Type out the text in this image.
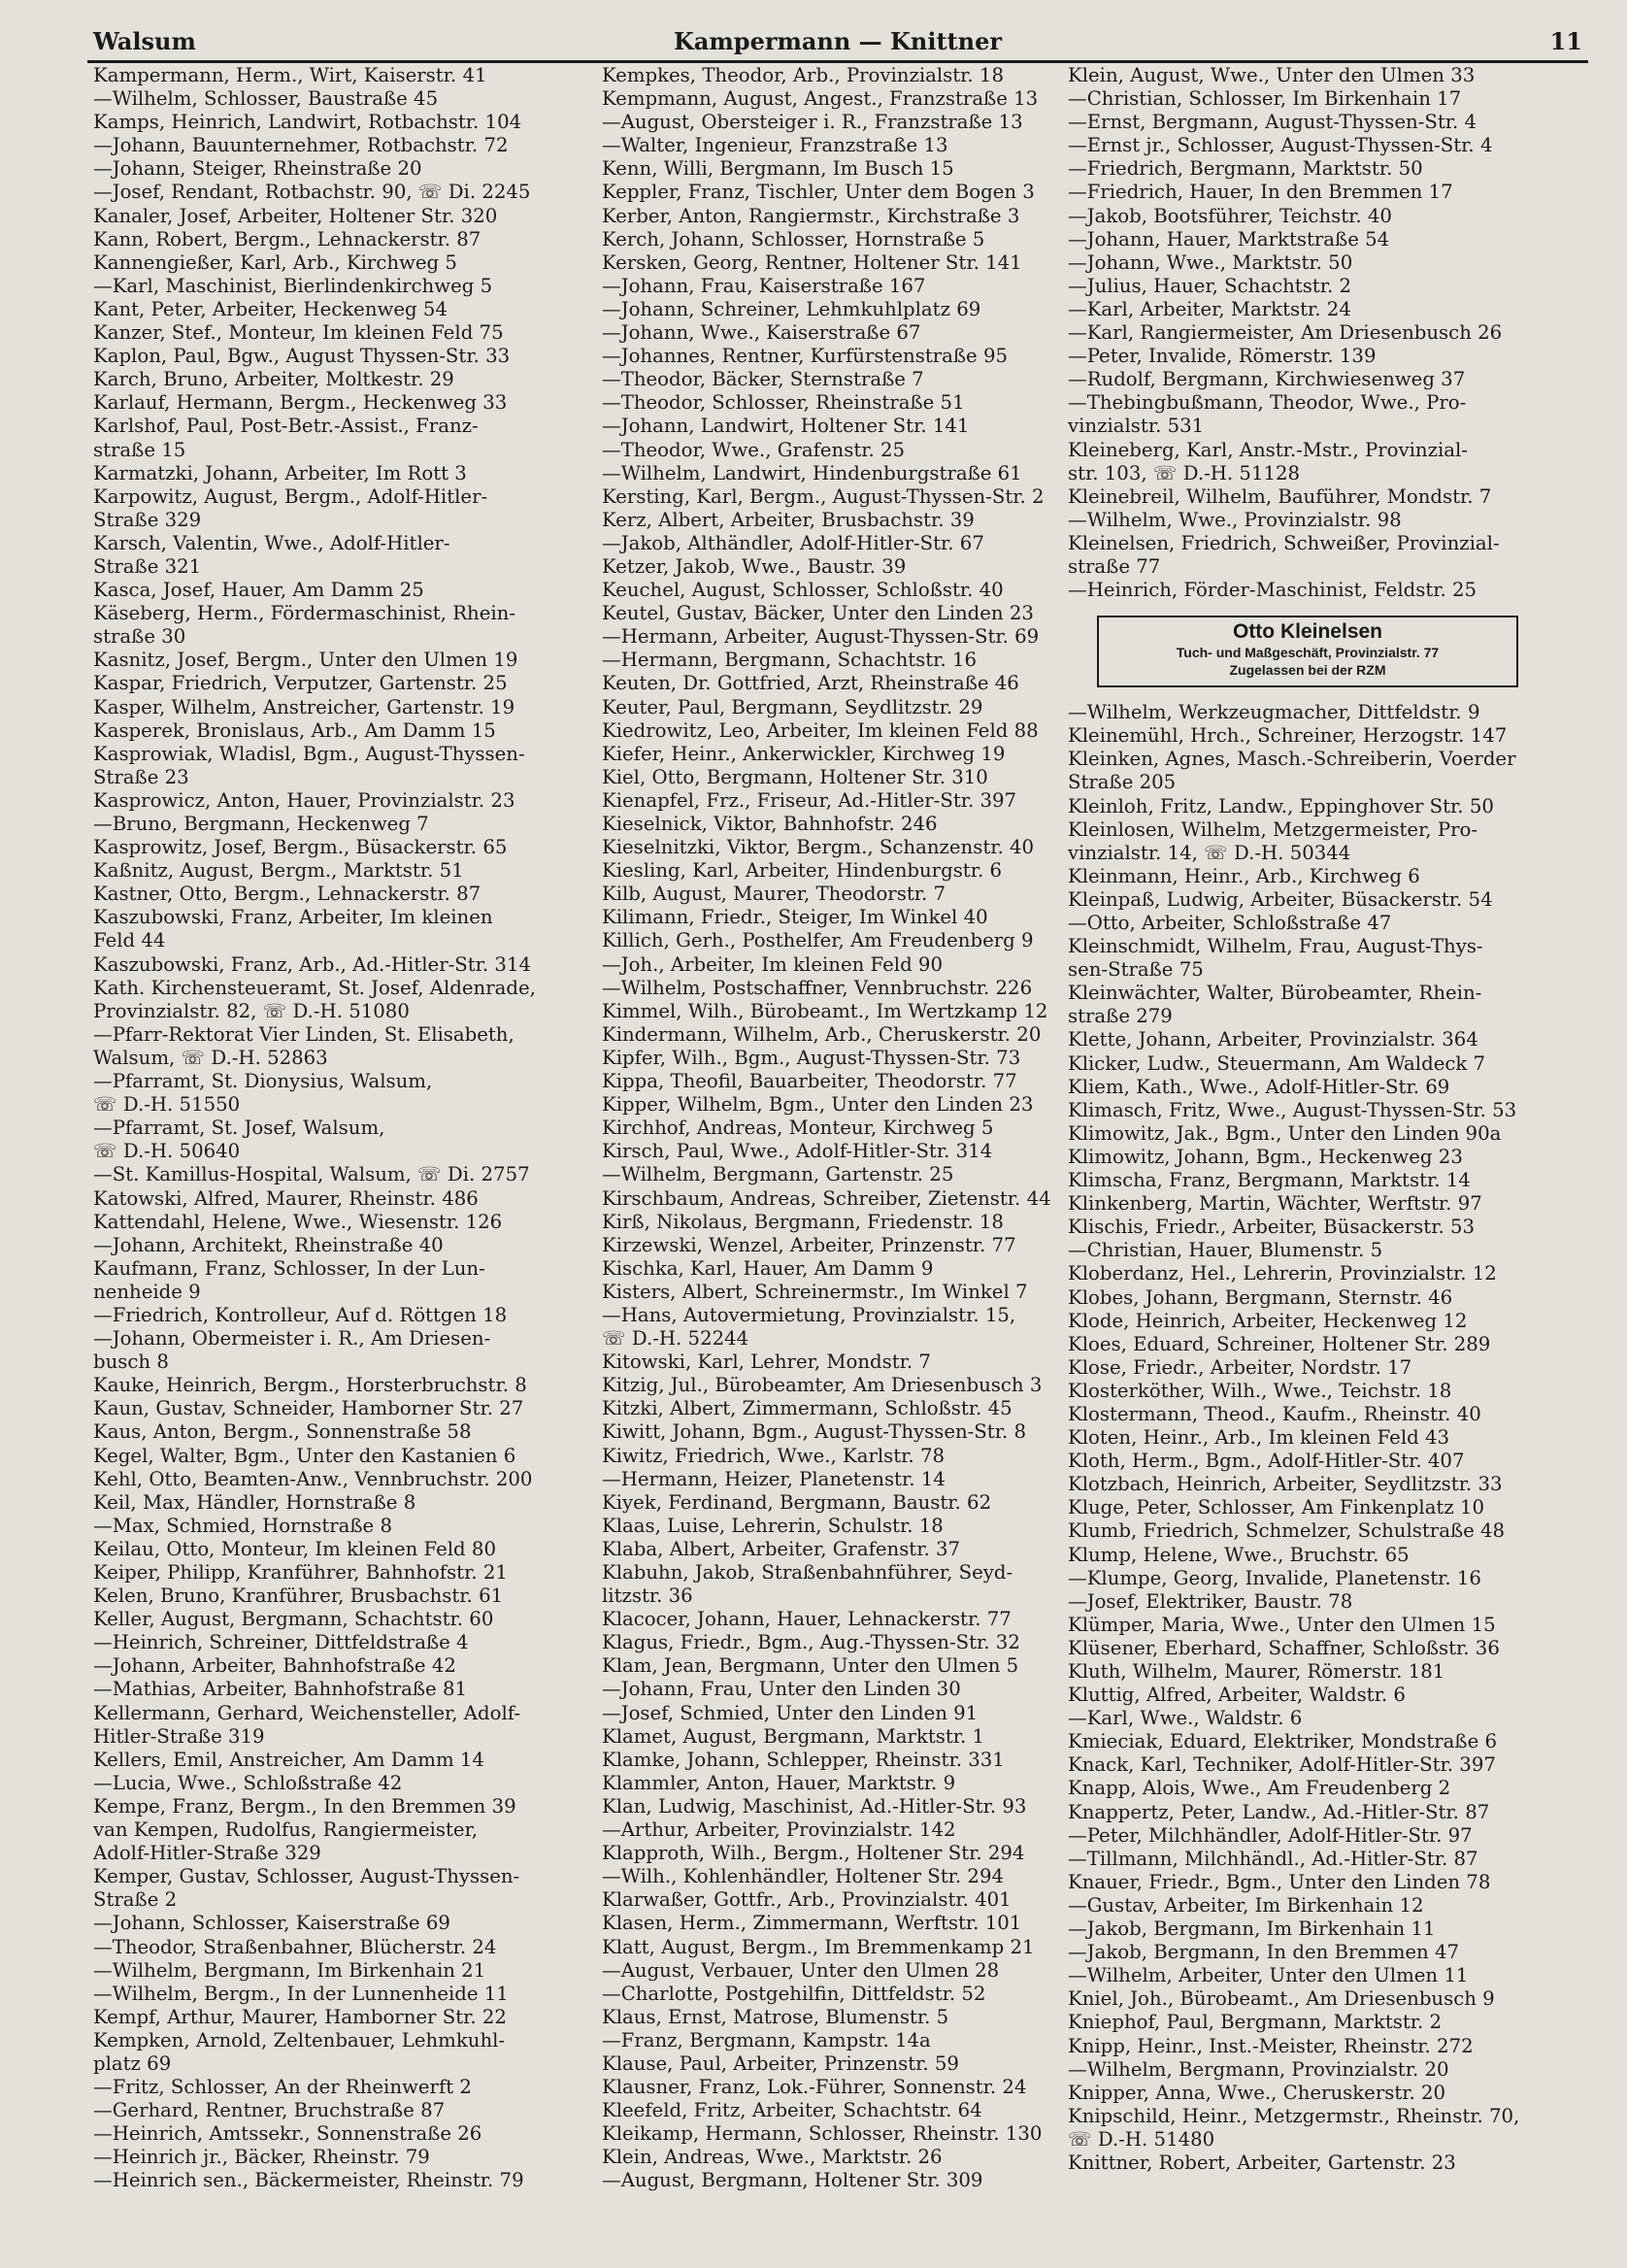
Walsum	Kampermann — Knittner	11
Kampermann, Herm., Wirt, Kaiserstr. 41
—Wilhelm, Schlosser, Baustraße 45
Kamps, Heinrich, Landwirt, Rotbachstr. 104
—Johann, Bauunternehmer, Rotbachstr. 72
—Johann, Steiger, Rheinstraße 20
—Josef, Rendant, Rotbachstr. 90, ☏ Di. 2245
Kanaler, Josef, Arbeiter, Holtener Str. 320
Kann, Robert, Bergm., Lehnackerstr. 87
Kannengießer, Karl, Arb., Kirchweg 5
—Karl, Maschinist, Bierlindenkirchweg 5
Kant, Peter, Arbeiter, Heckenweg 54
Kanzer, Stef., Monteur, Im kleinen Feld 75
Kaplon, Paul, Bgw., August Thyssen-Str. 33
Karch, Bruno, Arbeiter, Moltkestr. 29
Karlauf, Hermann, Bergm., Heckenweg 33
Karlshof, Paul, Post-Betr.-Assist., Franz-
straße 15
Karmatzki, Johann, Arbeiter, Im Rott 3
Karpowitz, August, Bergm., Adolf-Hitler-
Straße 329
Karsch, Valentin, Wwe., Adolf-Hitler-
Straße 321
Kasca, Josef, Hauer, Am Damm 25
Käseberg, Herm., Fördermaschinist, Rhein-
straße 30
Kasnitz, Josef, Bergm., Unter den Ulmen 19
Kaspar, Friedrich, Verputzer, Gartenstr. 25
Kasper, Wilhelm, Anstreicher, Gartenstr. 19
Kasperek, Bronislaus, Arb., Am Damm 15
Kasprowiak, Wladisl, Bgm., August-Thyssen-
Straße 23
Kasprowicz, Anton, Hauer, Provinzialstr. 23
—Bruno, Bergmann, Heckenweg 7
Kasprowitz, Josef, Bergm., Büsackerstr. 65
Kaßnitz, August, Bergm., Marktstr. 51
Kastner, Otto, Bergm., Lehnackerstr. 87
Kaszubowski, Franz, Arbeiter, Im kleinen
Feld 44
Kaszubowski, Franz, Arb., Ad.-Hitler-Str. 314
Kath. Kirchensteueramt, St. Josef, Aldenrade,
Provinzialstr. 82, ☏ D.-H. 51080
—Pfarr-Rektorat Vier Linden, St. Elisabeth,
Walsum, ☏ D.-H. 52863
—Pfarramt, St. Dionysius, Walsum,
☏ D.-H. 51550
—Pfarramt, St. Josef, Walsum,
☏ D.-H. 50640
—St. Kamillus-Hospital, Walsum, ☏ Di. 2757
Katowski, Alfred, Maurer, Rheinstr. 486
Kattendahl, Helene, Wwe., Wiesenstr. 126
—Johann, Architekt, Rheinstraße 40
Kaufmann, Franz, Schlosser, In der Lun-
nenheide 9
—Friedrich, Kontrolleur, Auf d. Röttgen 18
—Johann, Obermeister i. R., Am Driesen-
busch 8
Kauke, Heinrich, Bergm., Horsterbruchstr. 8
Kaun, Gustav, Schneider, Hamborner Str. 27
Kaus, Anton, Bergm., Sonnenstraße 58
Kegel, Walter, Bgm., Unter den Kastanien 6
Kehl, Otto, Beamten-Anw., Vennbruchstr. 200
Keil, Max, Händler, Hornstraße 8
—Max, Schmied, Hornstraße 8
Keilau, Otto, Monteur, Im kleinen Feld 80
Keiper, Philipp, Kranführer, Bahnhofstr. 21
Kelen, Bruno, Kranführer, Brusbachstr. 61
Keller, August, Bergmann, Schachtstr. 60
—Heinrich, Schreiner, Dittfeldstraße 4
—Johann, Arbeiter, Bahnhofstraße 42
—Mathias, Arbeiter, Bahnhofstraße 81
Kellermann, Gerhard, Weichensteller, Adolf-
Hitler-Straße 319
Kellers, Emil, Anstreicher, Am Damm 14
—Lucia, Wwe., Schloßstraße 42
Kempe, Franz, Bergm., In den Bremmen 39
van Kempen, Rudolfus, Rangiermeister,
Adolf-Hitler-Straße 329
Kemper, Gustav, Schlosser, August-Thyssen-
Straße 2
—Johann, Schlosser, Kaiserstraße 69
—Theodor, Straßenbahner, Blücherstr. 24
—Wilhelm, Bergmann, Im Birkenhain 21
—Wilhelm, Bergm., In der Lunnenheide 11
Kempf, Arthur, Maurer, Hamborner Str. 22
Kempken, Arnold, Zeltenbauer, Lehmkuhl-
platz 69
—Fritz, Schlosser, An der Rheinwerft 2
—Gerhard, Rentner, Bruchstraße 87
—Heinrich, Amtssekr., Sonnenstraße 26
—Heinrich jr., Bäcker, Rheinstr. 79
—Heinrich sen., Bäckermeister, Rheinstr. 79
Kempkes, Theodor, Arb., Provinzialstr. 18
Kempmann, August, Angest., Franzstraße 13
—August, Obersteiger i. R., Franzstraße 13
—Walter, Ingenieur, Franzstraße 13
Kenn, Willi, Bergmann, Im Busch 15
Keppler, Franz, Tischler, Unter dem Bogen 3
Kerber, Anton, Rangiermstr., Kirchstraße 3
Kerch, Johann, Schlosser, Hornstraße 5
Kersken, Georg, Rentner, Holtener Str. 141
—Johann, Frau, Kaiserstraße 167
—Johann, Schreiner, Lehmkuhlplatz 69
—Johann, Wwe., Kaiserstraße 67
—Johannes, Rentner, Kurfürstenstraße 95
—Theodor, Bäcker, Sternstraße 7
—Theodor, Schlosser, Rheinstraße 51
—Johann, Landwirt, Holtener Str. 141
—Theodor, Wwe., Grafenstr. 25
—Wilhelm, Landwirt, Hindenburgstraße 61
Kersting, Karl, Bergm., August-Thyssen-Str. 2
Kerz, Albert, Arbeiter, Brusbachstr. 39
—Jakob, Althändler, Adolf-Hitler-Str. 67
Ketzer, Jakob, Wwe., Baustr. 39
Keuchel, August, Schlosser, Schloßstr. 40
Keutel, Gustav, Bäcker, Unter den Linden 23
—Hermann, Arbeiter, August-Thyssen-Str. 69
—Hermann, Bergmann, Schachtstr. 16
Keuten, Dr. Gottfried, Arzt, Rheinstraße 46
Keuter, Paul, Bergmann, Seydlitzstr. 29
Kiedrowitz, Leo, Arbeiter, Im kleinen Feld 88
Kiefer, Heinr., Ankerwickler, Kirchweg 19
Kiel, Otto, Bergmann, Holtener Str. 310
Kienapfel, Frz., Friseur, Ad.-Hitler-Str. 397
Kieselnick, Viktor, Bahnhofstr. 246
Kieselnitzki, Viktor, Bergm., Schanzenstr. 40
Kiesling, Karl, Arbeiter, Hindenburgstr. 6
Kilb, August, Maurer, Theodorstr. 7
Kilimann, Friedr., Steiger, Im Winkel 40
Killich, Gerh., Posthelfer, Am Freudenberg 9
—Joh., Arbeiter, Im kleinen Feld 90
—Wilhelm, Postschaffner, Vennbruchstr. 226
Kimmel, Wilh., Bürobeamt., Im Wertzkamp 12
Kindermann, Wilhelm, Arb., Cheruskerstr. 20
Kipfer, Wilh., Bgm., August-Thyssen-Str. 73
Kippa, Theofil, Bauarbeiter, Theodorstr. 77
Kipper, Wilhelm, Bgm., Unter den Linden 23
Kirchhof, Andreas, Monteur, Kirchweg 5
Kirsch, Paul, Wwe., Adolf-Hitler-Str. 314
—Wilhelm, Bergmann, Gartenstr. 25
Kirschbaum, Andreas, Schreiber, Zietenstr. 44
Kirß, Nikolaus, Bergmann, Friedenstr. 18
Kirzewski, Wenzel, Arbeiter, Prinzenstr. 77
Kischka, Karl, Hauer, Am Damm 9
Kisters, Albert, Schreinermstr., Im Winkel 7
—Hans, Autovermietung, Provinzialstr. 15,
☏ D.-H. 52244
Kitowski, Karl, Lehrer, Mondstr. 7
Kitzig, Jul., Bürobeamter, Am Driesenbusch 3
Kitzki, Albert, Zimmermann, Schloßstr. 45
Kiwitt, Johann, Bgm., August-Thyssen-Str. 8
Kiwitz, Friedrich, Wwe., Karlstr. 78
—Hermann, Heizer, Planetenstr. 14
Kiyek, Ferdinand, Bergmann, Baustr. 62
Klaas, Luise, Lehrerin, Schulstr. 18
Klaba, Albert, Arbeiter, Grafenstr. 37
Klabuhn, Jakob, Straßenbahnführer, Seyd-
litzstr. 36
Klacocer, Johann, Hauer, Lehnackerstr. 77
Klagus, Friedr., Bgm., Aug.-Thyssen-Str. 32
Klam, Jean, Bergmann, Unter den Ulmen 5
—Johann, Frau, Unter den Linden 30
—Josef, Schmied, Unter den Linden 91
Klamet, August, Bergmann, Marktstr. 1
Klamke, Johann, Schlepper, Rheinstr. 331
Klammler, Anton, Hauer, Marktstr. 9
Klan, Ludwig, Maschinist, Ad.-Hitler-Str. 93
—Arthur, Arbeiter, Provinzialstr. 142
Klapproth, Wilh., Bergm., Holtener Str. 294
—Wilh., Kohlenhändler, Holtener Str. 294
Klarwaßer, Gottfr., Arb., Provinzialstr. 401
Klasen, Herm., Zimmermann, Werftstr. 101
Klatt, August, Bergm., Im Bremmenkamp 21
—August, Verbauer, Unter den Ulmen 28
—Charlotte, Postgehilfin, Dittfeldstr. 52
Klaus, Ernst, Matrose, Blumenstr. 5
—Franz, Bergmann, Kampstr. 14a
Klause, Paul, Arbeiter, Prinzenstr. 59
Klausner, Franz, Lok.-Führer, Sonnenstr. 24
Kleefeld, Fritz, Arbeiter, Schachtstr. 64
Kleikamp, Hermann, Schlosser, Rheinstr. 130
Klein, Andreas, Wwe., Marktstr. 26
—August, Bergmann, Holtener Str. 309
Klein, August, Wwe., Unter den Ulmen 33
—Christian, Schlosser, Im Birkenhain 17
—Ernst, Bergmann, August-Thyssen-Str. 4
—Ernst jr., Schlosser, August-Thyssen-Str. 4
—Friedrich, Bergmann, Marktstr. 50
—Friedrich, Hauer, In den Bremmen 17
—Jakob, Bootsführer, Teichstr. 40
—Johann, Hauer, Marktstraße 54
—Johann, Wwe., Marktstr. 50
—Julius, Hauer, Schachtstr. 2
—Karl, Arbeiter, Marktstr. 24
—Karl, Rangiermeister, Am Driesenbusch 26
—Peter, Invalide, Römerstr. 139
—Rudolf, Bergmann, Kirchwiesenweg 37
—Thebingbußmann, Theodor, Wwe., Pro-
vinzialstr. 531
Kleineberg, Karl, Anstr.-Mstr., Provinzial-
str. 103, ☏ D.-H. 51128
Kleinebreil, Wilhelm, Bauführer, Mondstr. 7
—Wilhelm, Wwe., Provinzialstr. 98
Kleinelsen, Friedrich, Schweißer, Provinzial-
straße 77
—Heinrich, Förder-Maschinist, Feldstr. 25
Otto Kleinelsen
Tuch- und Maßgeschäft, Provinzialstr. 77
Zugelassen bei der RZM
—Wilhelm, Werkzeugmacher, Dittfeldstr. 9
Kleinemühl, Hrch., Schreiner, Herzogstr. 147
Kleinken, Agnes, Masch.-Schreiberin, Voerder
Straße 205
Kleinloh, Fritz, Landw., Eppinghover Str. 50
Kleinlosen, Wilhelm, Metzgermeister, Pro-
vinzialstr. 14, ☏ D.-H. 50344
Kleinmann, Heinr., Arb., Kirchweg 6
Kleinpaß, Ludwig, Arbeiter, Büsackerstr. 54
—Otto, Arbeiter, Schloßstraße 47
Kleinschmidt, Wilhelm, Frau, August-Thys-
sen-Straße 75
Kleinwächter, Walter, Bürobeamter, Rhein-
straße 279
Klette, Johann, Arbeiter, Provinzialstr. 364
Klicker, Ludw., Steuermann, Am Waldeck 7
Kliem, Kath., Wwe., Adolf-Hitler-Str. 69
Klimasch, Fritz, Wwe., August-Thyssen-Str. 53
Klimowitz, Jak., Bgm., Unter den Linden 90a
Klimowitz, Johann, Bgm., Heckenweg 23
Klimscha, Franz, Bergmann, Marktstr. 14
Klinkenberg, Martin, Wächter, Werftstr. 97
Klischis, Friedr., Arbeiter, Büsackerstr. 53
—Christian, Hauer, Blumenstr. 5
Kloberdanz, Hel., Lehrerin, Provinzialstr. 12
Klobes, Johann, Bergmann, Sternstr. 46
Klode, Heinrich, Arbeiter, Heckenweg 12
Kloes, Eduard, Schreiner, Holtener Str. 289
Klose, Friedr., Arbeiter, Nordstr. 17
Klosterköther, Wilh., Wwe., Teichstr. 18
Klostermann, Theod., Kaufm., Rheinstr. 40
Kloten, Heinr., Arb., Im kleinen Feld 43
Kloth, Herm., Bgm., Adolf-Hitler-Str. 407
Klotzbach, Heinrich, Arbeiter, Seydlitzstr. 33
Kluge, Peter, Schlosser, Am Finkenplatz 10
Klumb, Friedrich, Schmelzer, Schulstraße 48
Klump, Helene, Wwe., Bruchstr. 65
—Klumpe, Georg, Invalide, Planetenstr. 16
—Josef, Elektriker, Baustr. 78
Klümper, Maria, Wwe., Unter den Ulmen 15
Klüsener, Eberhard, Schaffner, Schloßstr. 36
Kluth, Wilhelm, Maurer, Römerstr. 181
Kluttig, Alfred, Arbeiter, Waldstr. 6
—Karl, Wwe., Waldstr. 6
Kmieciak, Eduard, Elektriker, Mondstraße 6
Knack, Karl, Techniker, Adolf-Hitler-Str. 397
Knapp, Alois, Wwe., Am Freudenberg 2
Knappertz, Peter, Landw., Ad.-Hitler-Str. 87
—Peter, Milchhändler, Adolf-Hitler-Str. 97
—Tillmann, Milchhändl., Ad.-Hitler-Str. 87
Knauer, Friedr., Bgm., Unter den Linden 78
—Gustav, Arbeiter, Im Birkenhain 12
—Jakob, Bergmann, Im Birkenhain 11
—Jakob, Bergmann, In den Bremmen 47
—Wilhelm, Arbeiter, Unter den Ulmen 11
Kniel, Joh., Bürobeamt., Am Driesenbusch 9
Kniephof, Paul, Bergmann, Marktstr. 2
Knipp, Heinr., Inst.-Meister, Rheinstr. 272
—Wilhelm, Bergmann, Provinzialstr. 20
Knipper, Anna, Wwe., Cheruskerstr. 20
Knipschild, Heinr., Metzgermstr., Rheinstr. 70,
☏ D.-H. 51480
Knittner, Robert, Arbeiter, Gartenstr. 23
